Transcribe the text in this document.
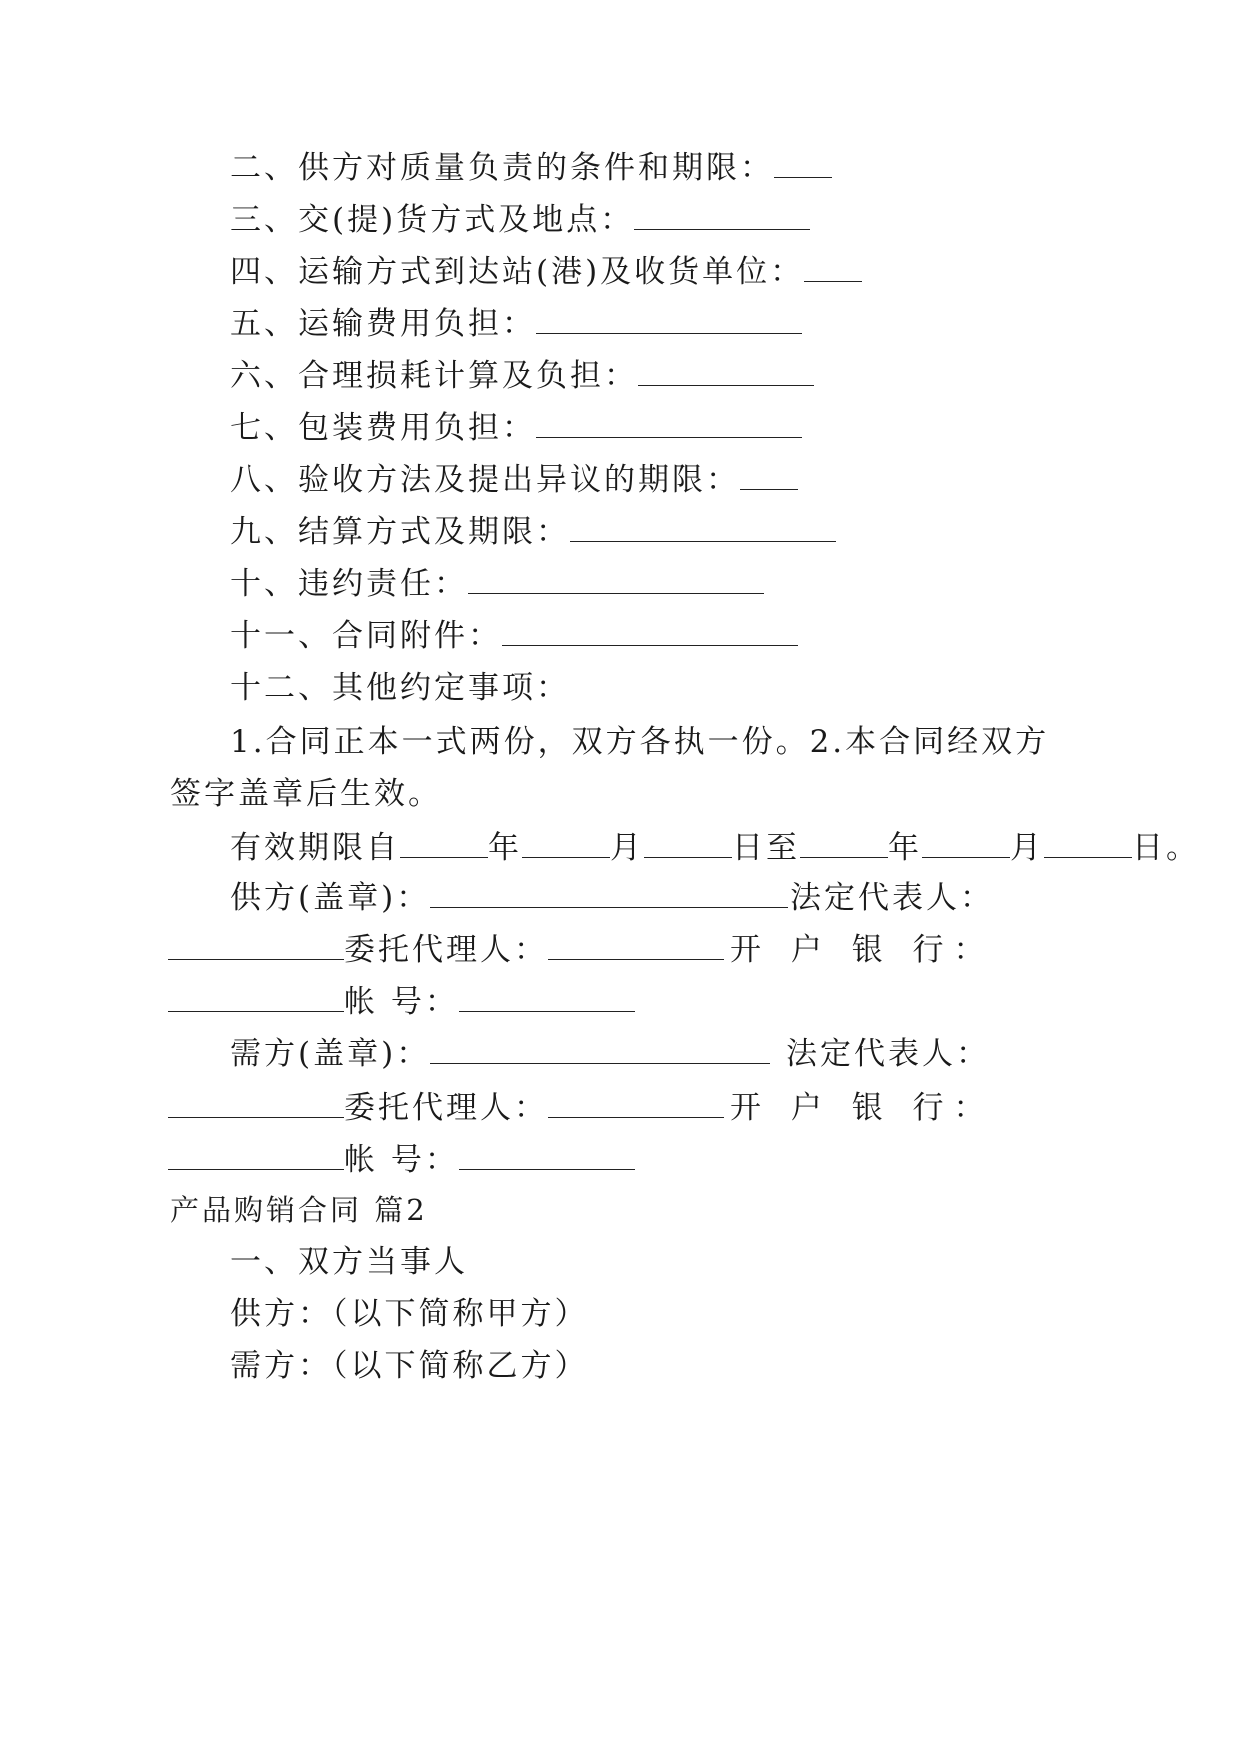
二、供方对质量负责的条件和期限：
三、交(提)货方式及地点：
四、运输方式到达站(港)及收货单位：
五、运输费用负担：
六、合理损耗计算及负担：
七、包装费用负担：
八、验收方法及提出异议的期限：
九、结算方式及期限：
十、违约责任：
十一、合同附件：
十二、其他约定事项：
1.合同正本一式两份，双方各执一份。2.本合同经双方
签字盖章后生效。
有效期限自	年	月	日至	年	月	日。
供方(盖章)：	法定代表人：
委托代理人：	开 户 银 行：
帐 号：
需方(盖章)：	法定代表人：
委托代理人：	开 户 银 行：
帐 号：
产品购销合同 篇2
一、双方当事人
供方：（以下简称甲方）
需方：（以下简称乙方）
